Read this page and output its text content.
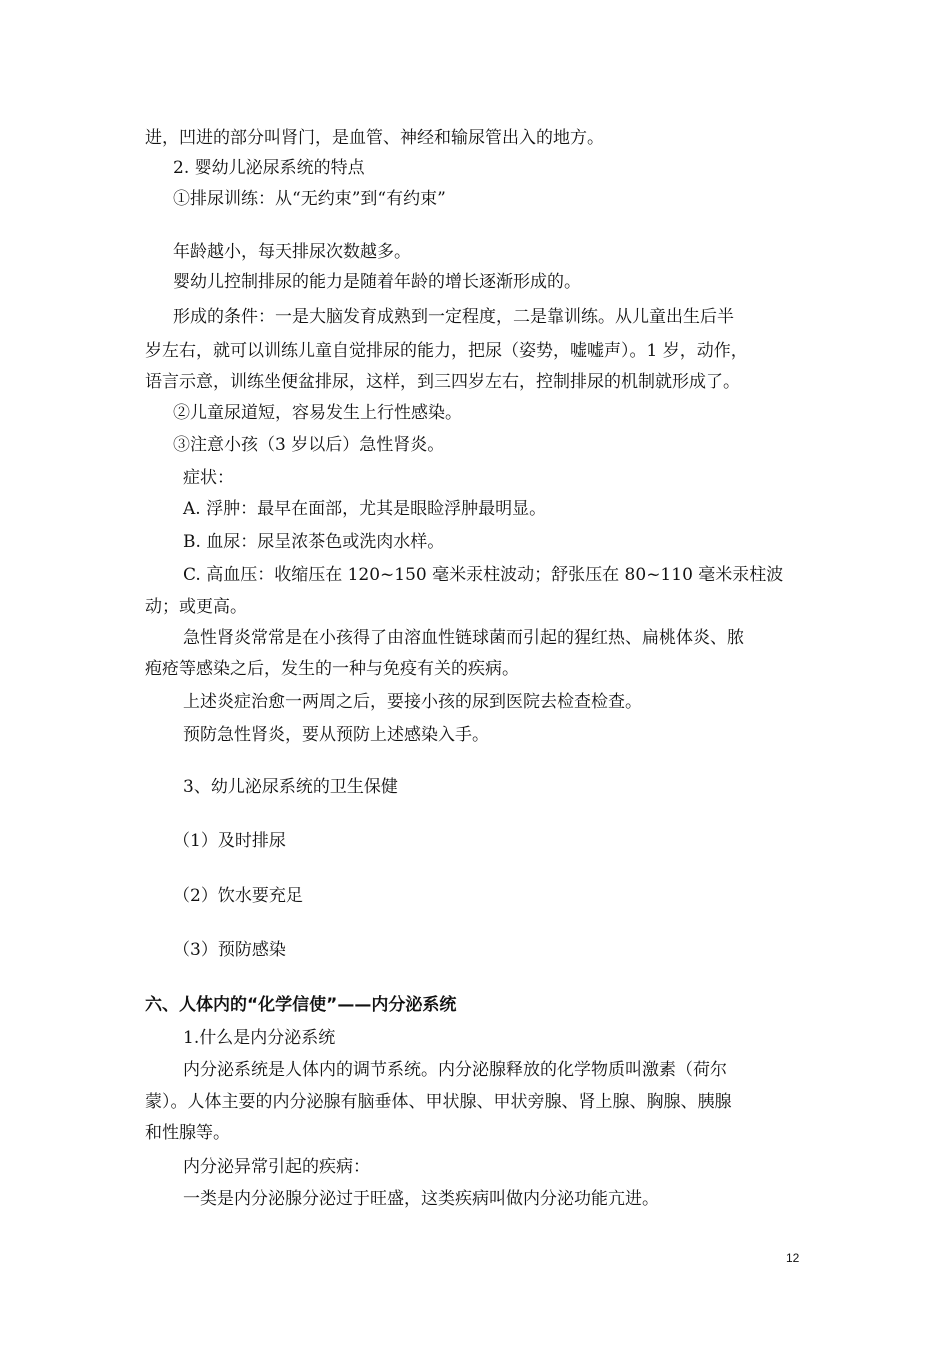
进，凹进的部分叫肾门，是血管、神经和输尿管出入的地方。
2. 婴幼儿泌尿系统的特点
①排尿训练：从“无约束”到“有约束”
年龄越小，每天排尿次数越多。
婴幼儿控制排尿的能力是随着年龄的增长逐渐形成的。
形成的条件：一是大脑发育成熟到一定程度，二是靠训练。从儿童出生后半
岁左右，就可以训练儿童自觉排尿的能力，把尿（姿势，嘘嘘声）。1 岁，动作，
语言示意，训练坐便盆排尿，这样，到三四岁左右，控制排尿的机制就形成了。
②儿童尿道短，容易发生上行性感染。
③注意小孩（3 岁以后）急性肾炎。
症状：
A. 浮肿：最早在面部，尤其是眼睑浮肿最明显。
B. 血尿：尿呈浓茶色或洗肉水样。
C. 高血压：收缩压在 120~150 毫米汞柱波动；舒张压在 80~110 毫米汞柱波
动；或更高。
急性肾炎常常是在小孩得了由溶血性链球菌而引起的猩红热、扁桃体炎、脓
疱疮等感染之后，发生的一种与免疫有关的疾病。
上述炎症治愈一两周之后，要接小孩的尿到医院去检查检查。
预防急性肾炎，要从预防上述感染入手。
3、幼儿泌尿系统的卫生保健
（1）及时排尿
（2）饮水要充足
（3）预防感染
六、人体内的“化学信使”——内分泌系统
1.什么是内分泌系统
内分泌系统是人体内的调节系统。内分泌腺释放的化学物质叫激素（荷尔
蒙）。人体主要的内分泌腺有脑垂体、甲状腺、甲状旁腺、肾上腺、胸腺、胰腺
和性腺等。
内分泌异常引起的疾病：
一类是内分泌腺分泌过于旺盛，这类疾病叫做内分泌功能亢进。
12
